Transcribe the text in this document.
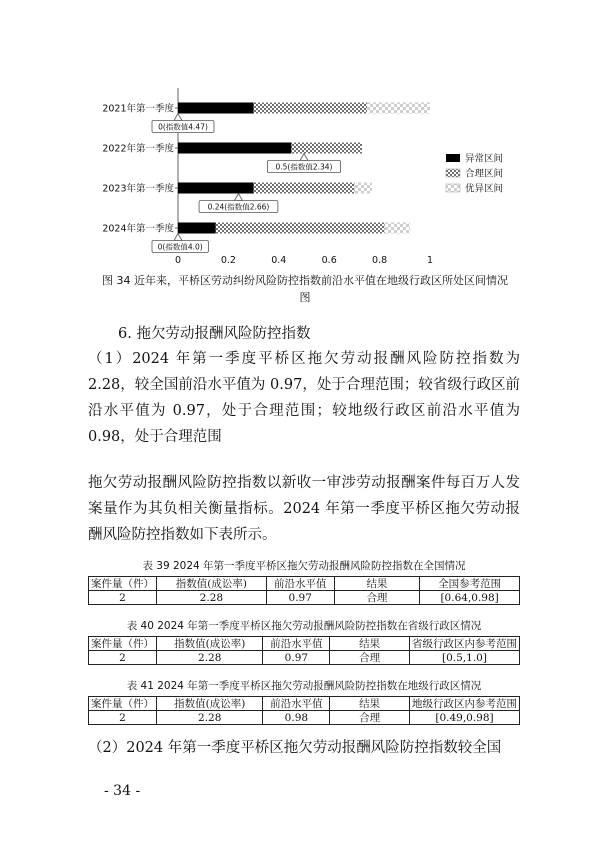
2021年第一季度
2022年第一季度
2023年第一季度
2024年第一季度
0(指数值4.47)
0.5(指数值2.34)
0.24(指数值2.66)
0(指数值4.0)
0	0.2	0.4	0.6	0.8	1
异常区间
合理区间
优异区间
图 34 近年来，平桥区劳动纠纷风险防控指数前沿水平值在地级行政区所处区间情况
图
6. 拖欠劳动报酬风险防控指数
（1）2024 年第一季度平桥区拖欠劳动报酬风险防控指数为 2.28，较全国前沿水平值为 0.97，处于合理范围；较省级行政区前沿水平值为 0.97，处于合理范围；较地级行政区前沿水平值为 0.98，处于合理范围
拖欠劳动报酬风险防控指数以新收一审涉劳动报酬案件每百万人发案量作为其负相关衡量指标。2024 年第一季度平桥区拖欠劳动报酬风险防控指数如下表所示。
表 39 2024 年第一季度平桥区拖欠劳动报酬风险防控指数在全国情况
案件量（件）	指数值(成讼率)	前沿水平值	结果	全国参考范围
2	2.28	0.97	合理	[0.64,0.98]
表 40 2024 年第一季度平桥区拖欠劳动报酬风险防控指数在省级行政区情况
案件量（件）	指数值(成讼率)	前沿水平值	结果	省级行政区内参考范围
2	2.28	0.97	合理	[0.5,1.0]
表 41 2024 年第一季度平桥区拖欠劳动报酬风险防控指数在地级行政区情况
案件量（件）	指数值(成讼率)	前沿水平值	结果	地级行政区内参考范围
2	2.28	0.98	合理	[0.49,0.98]
（2）2024 年第一季度平桥区拖欠劳动报酬风险防控指数较全国
- 34 -
